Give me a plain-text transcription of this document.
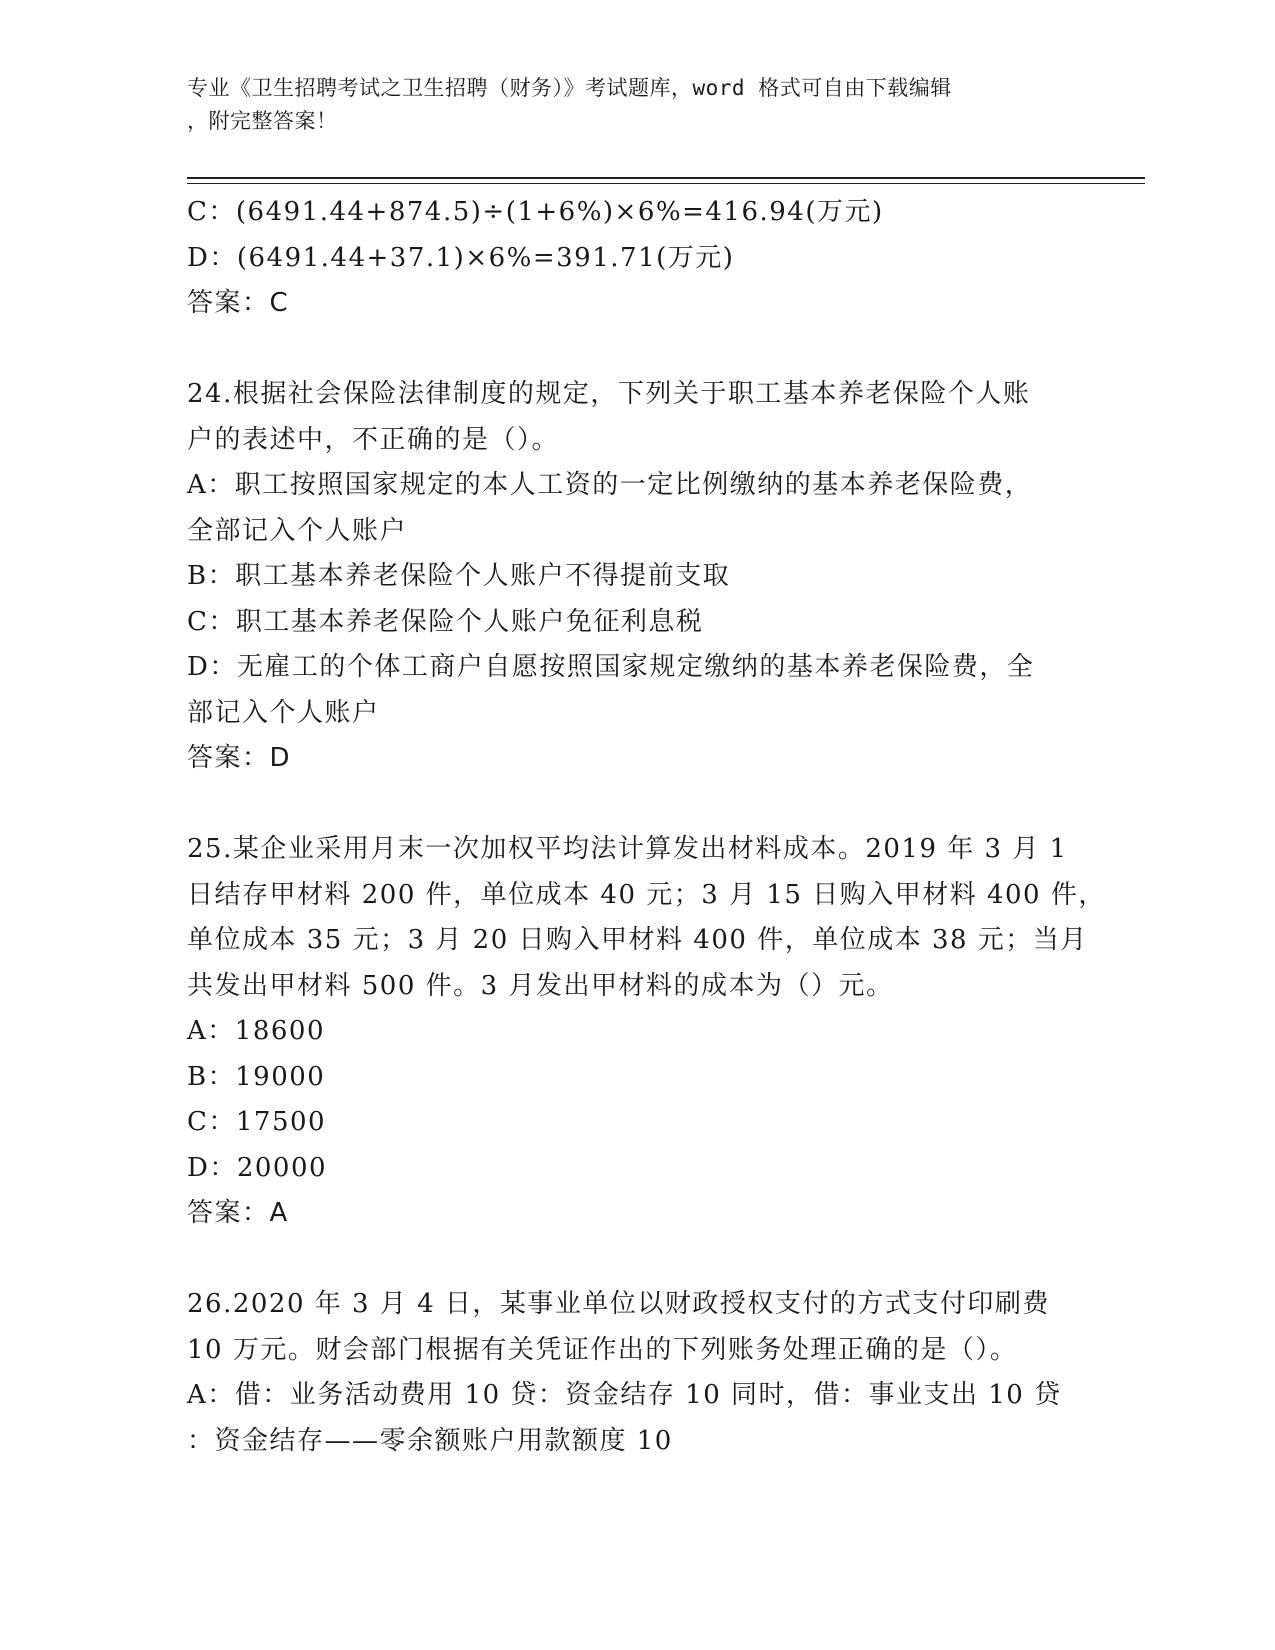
专业《卫生招聘考试之卫生招聘（财务）》考试题库，word 格式可自由下载编辑
，附完整答案！
C：(6491.44+874.5)÷(1+6%)×6%=416.94(万元)
D：(6491.44+37.1)×6%=391.71(万元)
答案：C
24.根据社会保险法律制度的规定，下列关于职工基本养老保险个人账
户的表述中，不正确的是（）。
A：职工按照国家规定的本人工资的一定比例缴纳的基本养老保险费，
全部记入个人账户
B：职工基本养老保险个人账户不得提前支取
C：职工基本养老保险个人账户免征利息税
D：无雇工的个体工商户自愿按照国家规定缴纳的基本养老保险费，全
部记入个人账户
答案：D
25.某企业采用月末一次加权平均法计算发出材料成本。2019 年 3 月 1
日结存甲材料 200 件，单位成本 40 元；3 月 15 日购入甲材料 400 件，
单位成本 35 元；3 月 20 日购入甲材料 400 件，单位成本 38 元；当月
共发出甲材料 500 件。3 月发出甲材料的成本为（）元。
A：18600
B：19000
C：17500
D：20000
答案：A
26.2020 年 3 月 4 日，某事业单位以财政授权支付的方式支付印刷费
10 万元。财会部门根据有关凭证作出的下列账务处理正确的是（）。
A：借：业务活动费用 10 贷：资金结存 10 同时，借：事业支出 10 贷
：资金结存——零余额账户用款额度 10
